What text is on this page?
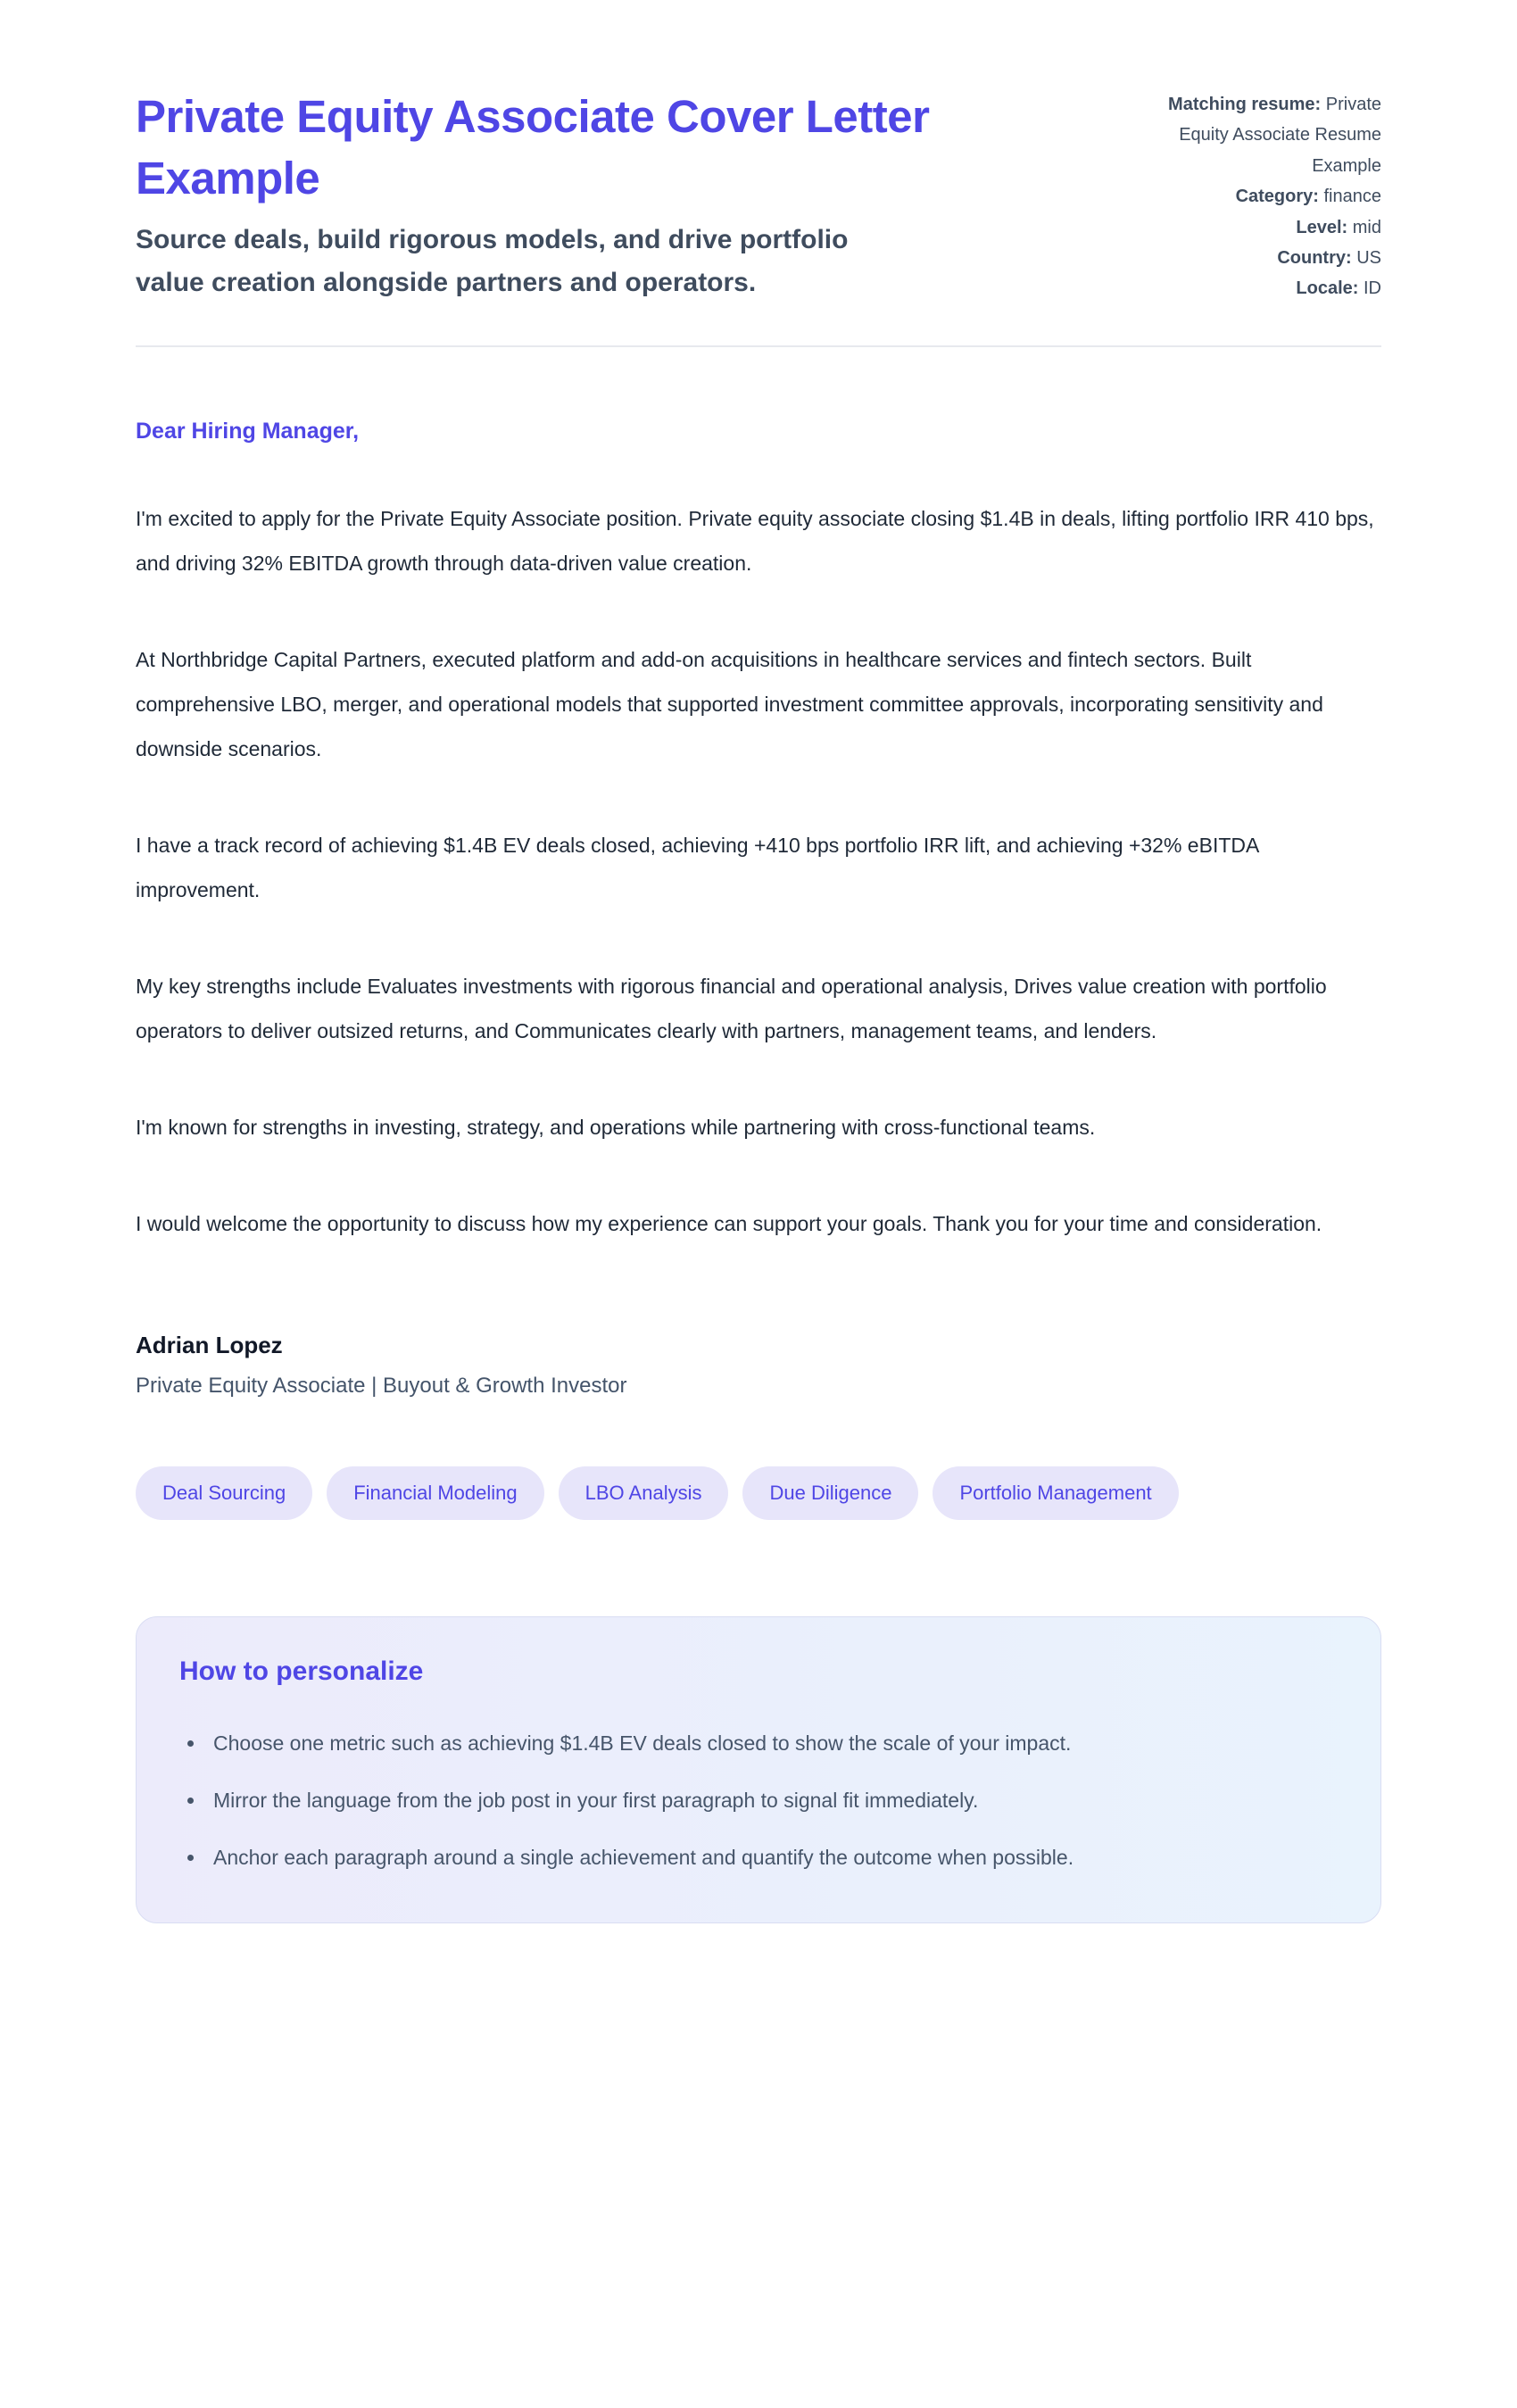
Private Equity Associate Cover Letter Example

Source deals, build rigorous models, and drive portfolio value creation alongside partners and operators.

Matching resume: Private Equity Associate Resume Example
Category: finance
Level: mid
Country: US
Locale: ID

Dear Hiring Manager,

I'm excited to apply for the Private Equity Associate position. Private equity associate closing $1.4B in deals, lifting portfolio IRR 410 bps, and driving 32% EBITDA growth through data-driven value creation.

At Northbridge Capital Partners, executed platform and add-on acquisitions in healthcare services and fintech sectors. Built comprehensive LBO, merger, and operational models that supported investment committee approvals, incorporating sensitivity and downside scenarios.

I have a track record of achieving $1.4B EV deals closed, achieving +410 bps portfolio IRR lift, and achieving +32% eBITDA improvement.

My key strengths include Evaluates investments with rigorous financial and operational analysis, Drives value creation with portfolio operators to deliver outsized returns, and Communicates clearly with partners, management teams, and lenders.

I'm known for strengths in investing, strategy, and operations while partnering with cross-functional teams.

I would welcome the opportunity to discuss how my experience can support your goals. Thank you for your time and consideration.

Adrian Lopez

Private Equity Associate | Buyout & Growth Investor

Deal Sourcing	Financial Modeling	LBO Analysis	Due Diligence	Portfolio Management
How to personalize
• Choose one metric such as achieving $1.4B EV deals closed to show the scale of your impact.
• Mirror the language from the job post in your first paragraph to signal fit immediately.
• Anchor each paragraph around a single achievement and quantify the outcome when possible.
